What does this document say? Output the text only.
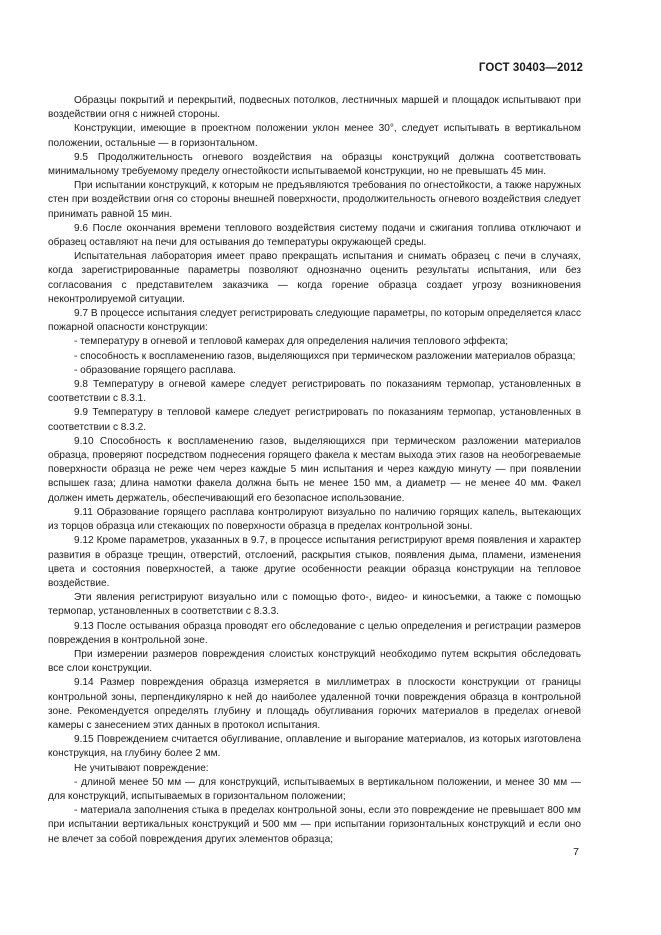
ГОСТ 30403—2012

Образцы покрытий и перекрытий, подвесных потолков, лестничных маршей и площадок испытывают при воздействии огня с нижней стороны.

Конструкции, имеющие в проектном положении уклон менее 30°, следует испытывать в вертикальном положении, остальные — в горизонтальном.

9.5 Продолжительность огневого воздействия на образцы конструкций должна соответствовать минимальному требуемому пределу огнестойкости испытываемой конструкции, но не превышать 45 мин.

При испытании конструкций, к которым не предъявляются требования по огнестойкости, а также наружных стен при воздействии огня со стороны внешней поверхности, продолжительность огневого воздействия следует принимать равной 15 мин.

9.6 После окончания времени теплового воздействия систему подачи и сжигания топлива отключают и образец оставляют на печи для остывания до температуры окружающей среды.

Испытательная лаборатория имеет право прекращать испытания и снимать образец с печи в случаях, когда зарегистрированные параметры позволяют однозначно оценить результаты испытания, или без согласования с представителем заказчика — когда горение образца создает угрозу возникновения неконтролируемой ситуации.

9.7 В процессе испытания следует регистрировать следующие параметры, по которым определяется класс пожарной опасности конструкции:

- температуру в огневой и тепловой камерах для определения наличия теплового эффекта;

- способность к воспламенению газов, выделяющихся при термическом разложении материалов образца;

- образование горящего расплава.

9.8 Температуру в огневой камере следует регистрировать по показаниям термопар, установленных в соответствии с 8.3.1.

9.9 Температуру в тепловой камере следует регистрировать по показаниям термопар, установленных в соответствии с 8.3.2.

9.10 Способность к воспламенению газов, выделяющихся при термическом разложении материалов образца, проверяют посредством поднесения горящего факела к местам выхода этих газов на необогреваемые поверхности образца не реже чем через каждые 5 мин испытания и через каждую минуту — при появлении вспышек газа; длина намотки факела должна быть не менее 150 мм, а диаметр — не менее 40 мм. Факел должен иметь держатель, обеспечивающий его безопасное использование.

9.11 Образование горящего расплава контролируют визуально по наличию горящих капель, вытекающих из торцов образца или стекающих по поверхности образца в пределах контрольной зоны.

9.12 Кроме параметров, указанных в 9.7, в процессе испытания регистрируют время появления и характер развития в образце трещин, отверстий, отслоений, раскрытия стыков, появления дыма, пламени, изменения цвета и состояния поверхностей, а также другие особенности реакции образца конструкции на тепловое воздействие.

Эти явления регистрируют визуально или с помощью фото-, видео- и киносъемки, а также с помощью термопар, установленных в соответствии с 8.3.3.

9.13 После остывания образца проводят его обследование с целью определения и регистрации размеров повреждения в контрольной зоне.

При измерении размеров повреждения слоистых конструкций необходимо путем вскрытия обследовать все слои конструкции.

9.14 Размер повреждения образца измеряется в миллиметрах в плоскости конструкции от границы контрольной зоны, перпендикулярно к ней до наиболее удаленной точки повреждения образца в контрольной зоне. Рекомендуется определять глубину и площадь обугливания горючих материалов в пределах огневой камеры с занесением этих данных в протокол испытания.

9.15 Повреждением считается обугливание, оплавление и выгорание материалов, из которых изготовлена конструкция, на глубину более 2 мм.

Не учитывают повреждение:

- длиной менее 50 мм — для конструкций, испытываемых в вертикальном положении, и менее 30 мм — для конструкций, испытываемых в горизонтальном положении;

- материала заполнения стыка в пределах контрольной зоны, если это повреждение не превышает 800 мм при испытании вертикальных конструкций и 500 мм — при испытании горизонтальных конструкций и если оно не влечет за собой повреждения других элементов образца;

7
